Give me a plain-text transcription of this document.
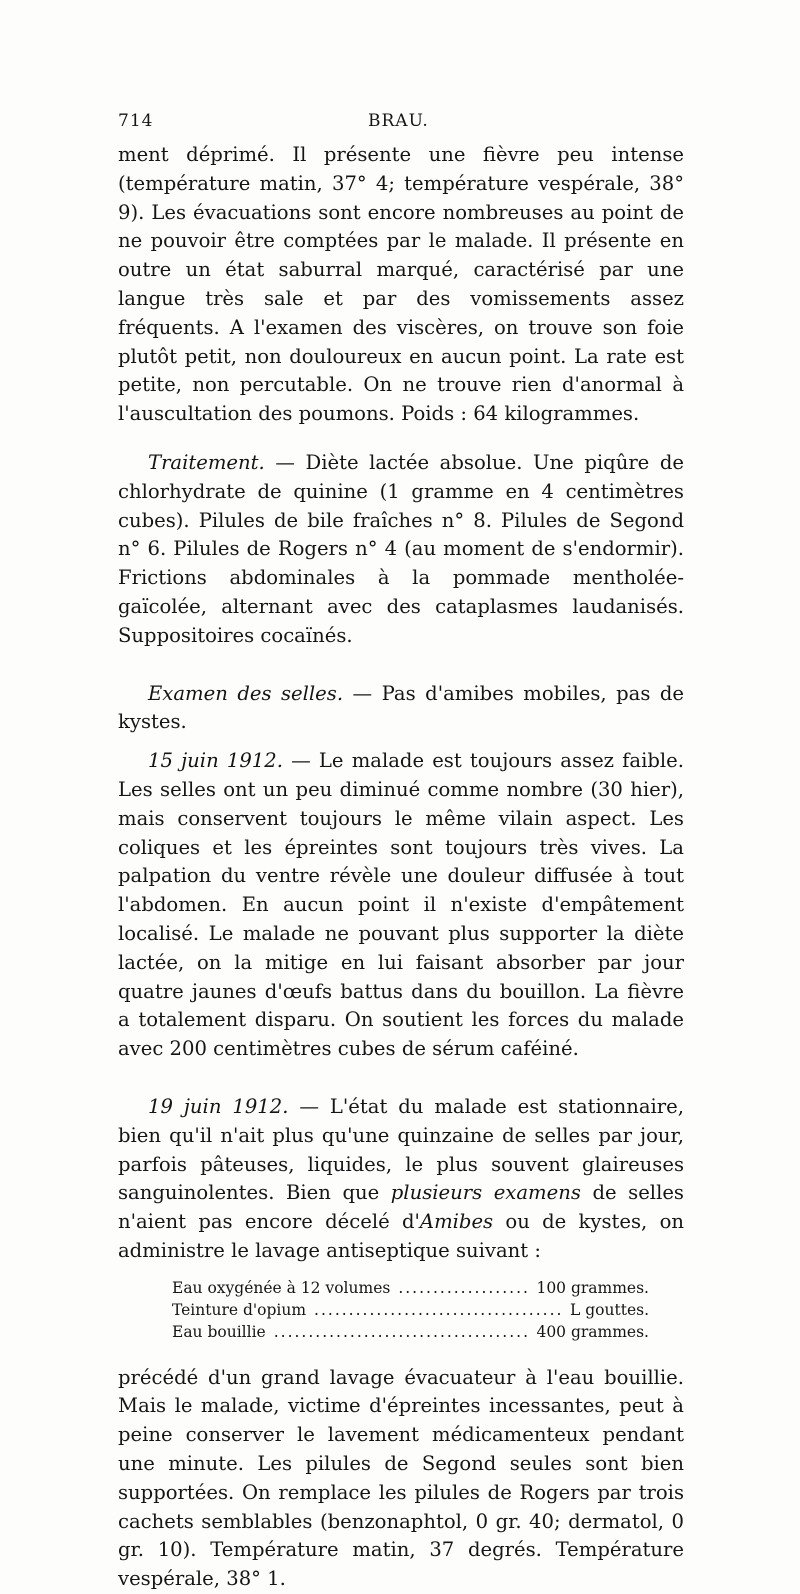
714	BRAU.

ment déprimé. Il présente une fièvre peu intense (température matin, 37° 4; température vespérale, 38° 9). Les évacuations sont encore nombreuses au point de ne pouvoir être comptées par le malade. Il présente en outre un état saburral marqué, caractérisé par une langue très sale et par des vomissements assez fréquents. A l'examen des viscères, on trouve son foie plutôt petit, non douloureux en aucun point. La rate est petite, non percutable. On ne trouve rien d'anormal à l'auscultation des poumons. Poids : 64 kilogrammes.

Traitement. — Diète lactée absolue. Une piqûre de chlorhydrate de quinine (1 gramme en 4 centimètres cubes). Pilules de bile fraîches n° 8. Pilules de Segond n° 6. Pilules de Rogers n° 4 (au moment de s'endormir). Frictions abdominales à la pommade mentholée-gaïcolée, alternant avec des cataplasmes laudanisés. Suppositoires cocaïnés.

Examen des selles. — Pas d'amibes mobiles, pas de kystes.

15 juin 1912. — Le malade est toujours assez faible. Les selles ont un peu diminué comme nombre (30 hier), mais conservent toujours le même vilain aspect. Les coliques et les épreintes sont toujours très vives. La palpation du ventre révèle une douleur diffusée à tout l'abdomen. En aucun point il n'existe d'empâtement localisé. Le malade ne pouvant plus supporter la diète lactée, on la mitige en lui faisant absorber par jour quatre jaunes d'œufs battus dans du bouillon. La fièvre a totalement disparu. On soutient les forces du malade avec 200 centimètres cubes de sérum caféiné.

19 juin 1912. — L'état du malade est stationnaire, bien qu'il n'ait plus qu'une quinzaine de selles par jour, parfois pâteuses, liquides, le plus souvent glaireuses sanguinolentes. Bien que plusieurs examens de selles n'aient pas encore décelé d'Amibes ou de kystes, on administre le lavage antiseptique suivant :

Eau oxygénée à 12 volumes .....	100 grammes.
Teinture d'opium .....	L gouttes.
Eau bouillie .....	400 grammes.

précédé d'un grand lavage évacuateur à l'eau bouillie. Mais le malade, victime d'épreintes incessantes, peut à peine conserver le lavement médicamenteux pendant une minute. Les pilules de Segond seules sont bien supportées. On remplace les pilules de Rogers par trois cachets semblables (benzonaphtol, 0 gr. 40; dermatol, 0 gr. 10). Température matin, 37 degrés. Température vespérale, 38° 1.
